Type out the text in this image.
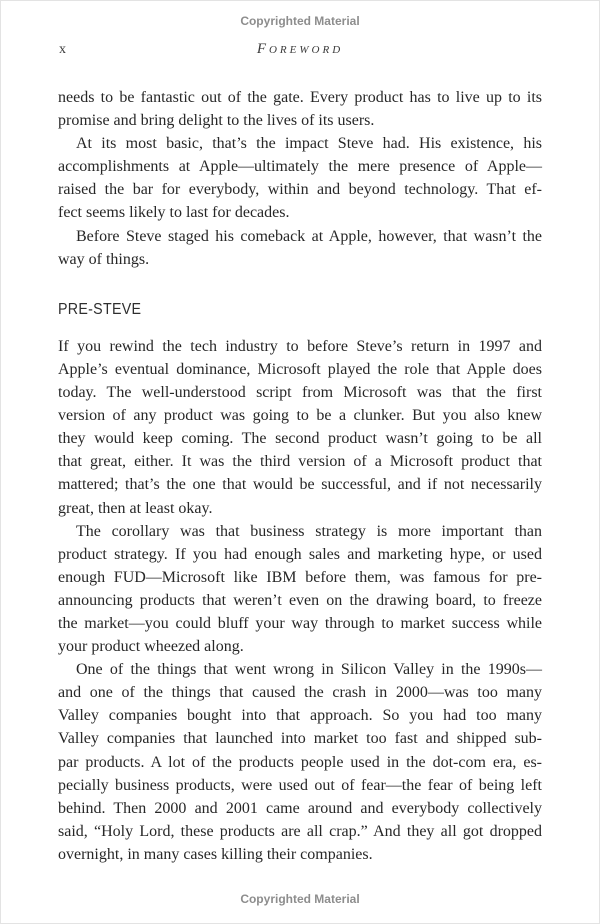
Copyrighted Material
x	Foreword
needs to be fantastic out of the gate. Every product has to live up to its
promise and bring delight to the lives of its users.
At its most basic, that’s the impact Steve had. His existence, his
accomplishments at Apple—ultimately the mere presence of Apple—
raised the bar for everybody, within and beyond technology. That ef-
fect seems likely to last for decades.
Before Steve staged his comeback at Apple, however, that wasn’t the
way of things.
PRE-STEVE
If you rewind the tech industry to before Steve’s return in 1997 and
Apple’s eventual dominance, Microsoft played the role that Apple does
today. The well-understood script from Microsoft was that the first
version of any product was going to be a clunker. But you also knew
they would keep coming. The second product wasn’t going to be all
that great, either. It was the third version of a Microsoft product that
mattered; that’s the one that would be successful, and if not necessarily
great, then at least okay.
The corollary was that business strategy is more important than
product strategy. If you had enough sales and marketing hype, or used
enough FUD—Microsoft like IBM before them, was famous for pre-
announcing products that weren’t even on the drawing board, to freeze
the market—you could bluff your way through to market success while
your product wheezed along.
One of the things that went wrong in Silicon Valley in the 1990s—
and one of the things that caused the crash in 2000—was too many
Valley companies bought into that approach. So you had too many
Valley companies that launched into market too fast and shipped sub-
par products. A lot of the products people used in the dot-com era, es-
pecially business products, were used out of fear—the fear of being left
behind. Then 2000 and 2001 came around and everybody collectively
said, “Holy Lord, these products are all crap.” And they all got dropped
overnight, in many cases killing their companies.
Copyrighted Material
